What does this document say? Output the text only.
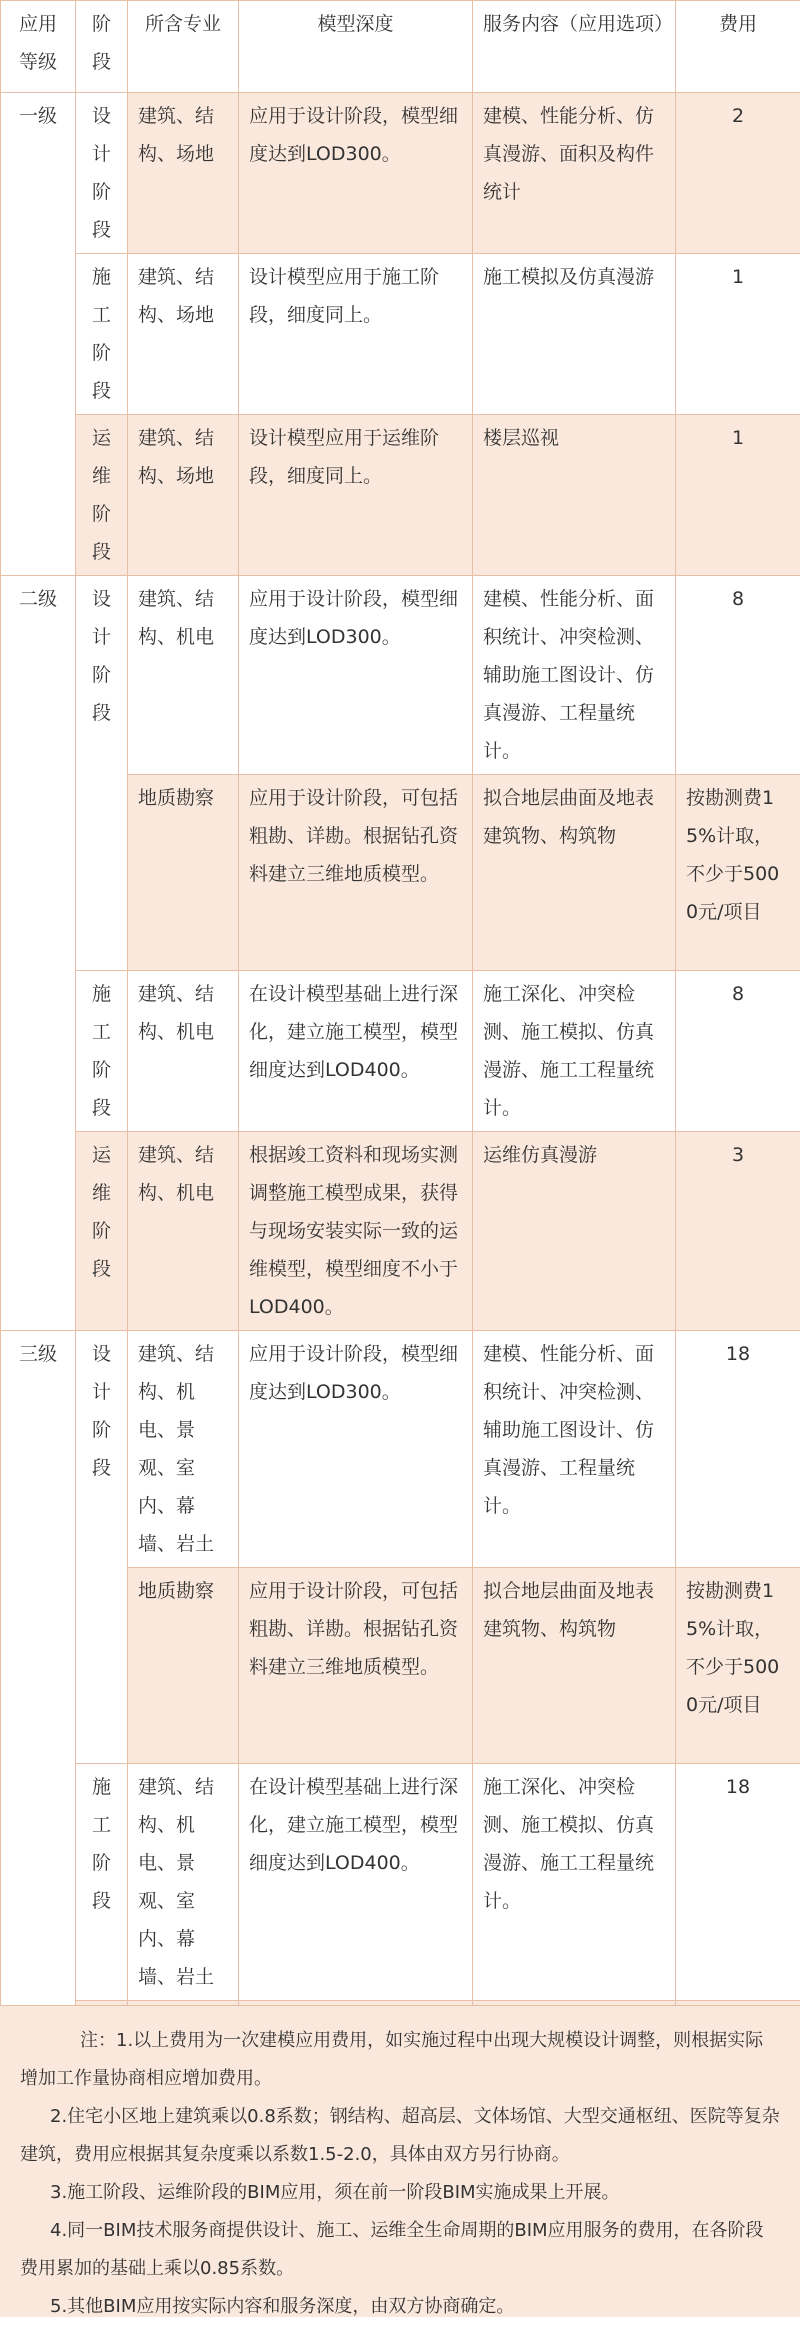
应用等级	阶段	所含专业	模型深度	服务内容（应用选项）	费用
一级	设计阶段	建筑、结构、场地	应用于设计阶段，模型细度达到LOD300。	建模、性能分析、仿真漫游、面积及构件统计	2
	施工阶段	建筑、结构、场地	设计模型应用于施工阶段，细度同上。	施工模拟及仿真漫游	1
	运维阶段	建筑、结构、场地	设计模型应用于运维阶段，细度同上。	楼层巡视	1
二级	设计阶段	建筑、结构、机电	应用于设计阶段，模型细度达到LOD300。	建模、性能分析、面积统计、冲突检测、辅助施工图设计、仿真漫游、工程量统计。	8
		地质勘察	应用于设计阶段，可包括粗勘、详勘。根据钻孔资料建立三维地质模型。	拟合地层曲面及地表建筑物、构筑物	按勘测费15%计取，不少于5000元/项目
	施工阶段	建筑、结构、机电	在设计模型基础上进行深化，建立施工模型，模型细度达到LOD400。	施工深化、冲突检测、施工模拟、仿真漫游、施工工程量统计。	8
	运维阶段	建筑、结构、机电	根据竣工资料和现场实测调整施工模型成果，获得与现场安装实际一致的运维模型，模型细度不小于LOD400。	运维仿真漫游	3
三级	设计阶段	建筑、结构、机电、景观、室内、幕墙、岩土	应用于设计阶段，模型细度达到LOD300。	建模、性能分析、面积统计、冲突检测、辅助施工图设计、仿真漫游、工程量统计。	18
		地质勘察	应用于设计阶段，可包括粗勘、详勘。根据钻孔资料建立三维地质模型。	拟合地层曲面及地表建筑物、构筑物	按勘测费15%计取，不少于5000元/项目
	施工阶段	建筑、结构、机电、景观、室内、幕墙、岩土	在设计模型基础上进行深化，建立施工模型，模型细度达到LOD400。	施工深化、冲突检测、施工模拟、仿真漫游、施工工程量统计。	18

注：1.以上费用为一次建模应用费用，如实施过程中出现大规模设计调整，则根据实际增加工作量协商相应增加费用。

2.住宅小区地上建筑乘以0.8系数；钢结构、超高层、文体场馆、大型交通枢纽、医院等复杂建筑，费用应根据其复杂度乘以系数1.5-2.0，具体由双方另行协商。

3.施工阶段、运维阶段的BIM应用，须在前一阶段BIM实施成果上开展。

4.同一BIM技术服务商提供设计、施工、运维全生命周期的BIM应用服务的费用，在各阶段费用累加的基础上乘以0.85系数。

5.其他BIM应用按实际内容和服务深度，由双方协商确定。
